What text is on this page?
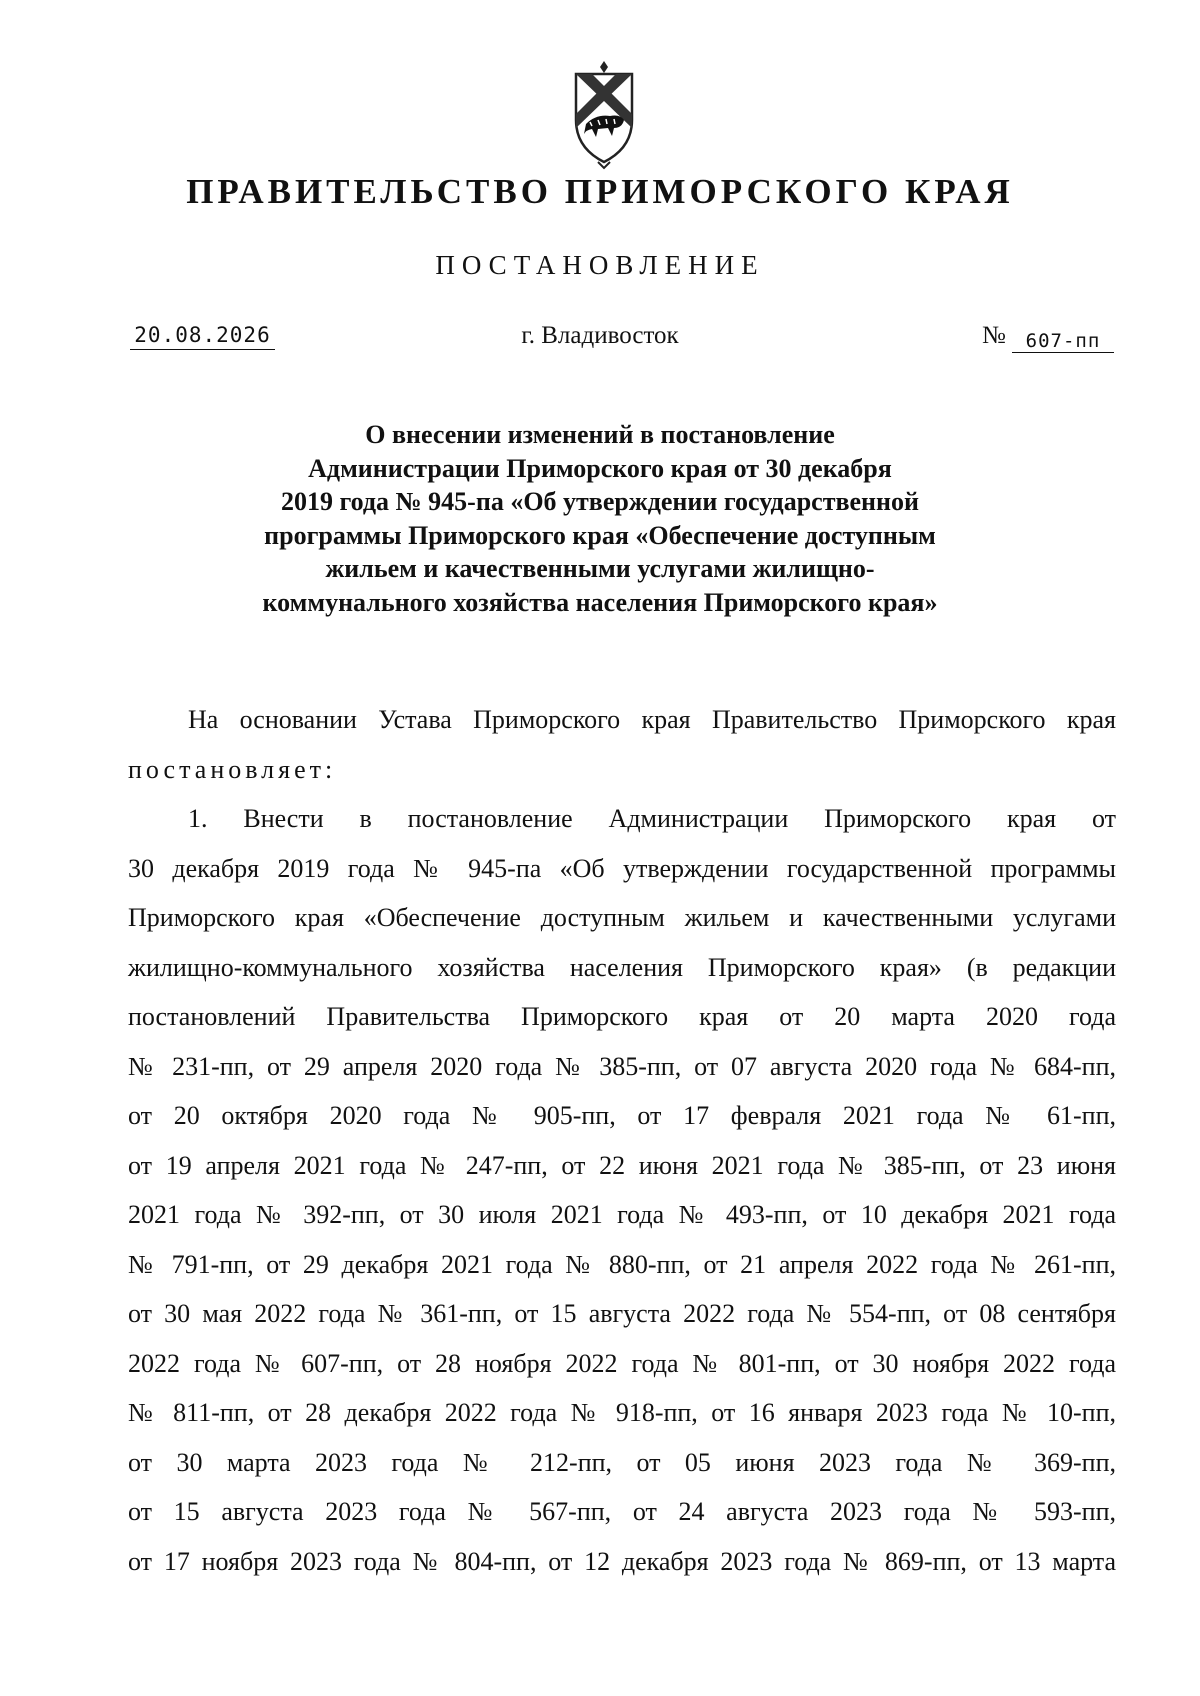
ПРАВИТЕЛЬСТВО ПРИМОРСКОГО КРАЯ
ПОСТАНОВЛЕНИЕ
20.08.2026	г. Владивосток	№	607-пп
О внесении изменений в постановление
Администрации Приморского края от 30 декабря
2019 года № 945-па «Об утверждении государственной
программы Приморского края «Обеспечение доступным
жильем и качественными услугами жилищно-
коммунального хозяйства населения Приморского края»
На основании Устава Приморского края Правительство Приморского края
постановляет:
1. Внести в постановление Администрации Приморского края от
30 декабря 2019 года № 945-па «Об утверждении государственной программы
Приморского края «Обеспечение доступным жильем и качественными услугами
жилищно-коммунального хозяйства населения Приморского края» (в редакции
постановлений Правительства Приморского края от 20 марта 2020 года
№ 231-пп, от 29 апреля 2020 года № 385-пп, от 07 августа 2020 года № 684-пп,
от 20 октября 2020 года № 905-пп, от 17 февраля 2021 года № 61-пп,
от 19 апреля 2021 года № 247-пп, от 22 июня 2021 года № 385-пп, от 23 июня
2021 года № 392-пп, от 30 июля 2021 года № 493-пп, от 10 декабря 2021 года
№ 791-пп, от 29 декабря 2021 года № 880-пп, от 21 апреля 2022 года № 261-пп,
от 30 мая 2022 года № 361-пп, от 15 августа 2022 года № 554-пп, от 08 сентября
2022 года № 607-пп, от 28 ноября 2022 года № 801-пп, от 30 ноября 2022 года
№ 811-пп, от 28 декабря 2022 года № 918-пп, от 16 января 2023 года № 10-пп,
от 30 марта 2023 года № 212-пп, от 05 июня 2023 года № 369-пп,
от 15 августа 2023 года № 567-пп, от 24 августа 2023 года № 593-пп,
от 17 ноября 2023 года № 804-пп, от 12 декабря 2023 года № 869-пп, от 13 марта
